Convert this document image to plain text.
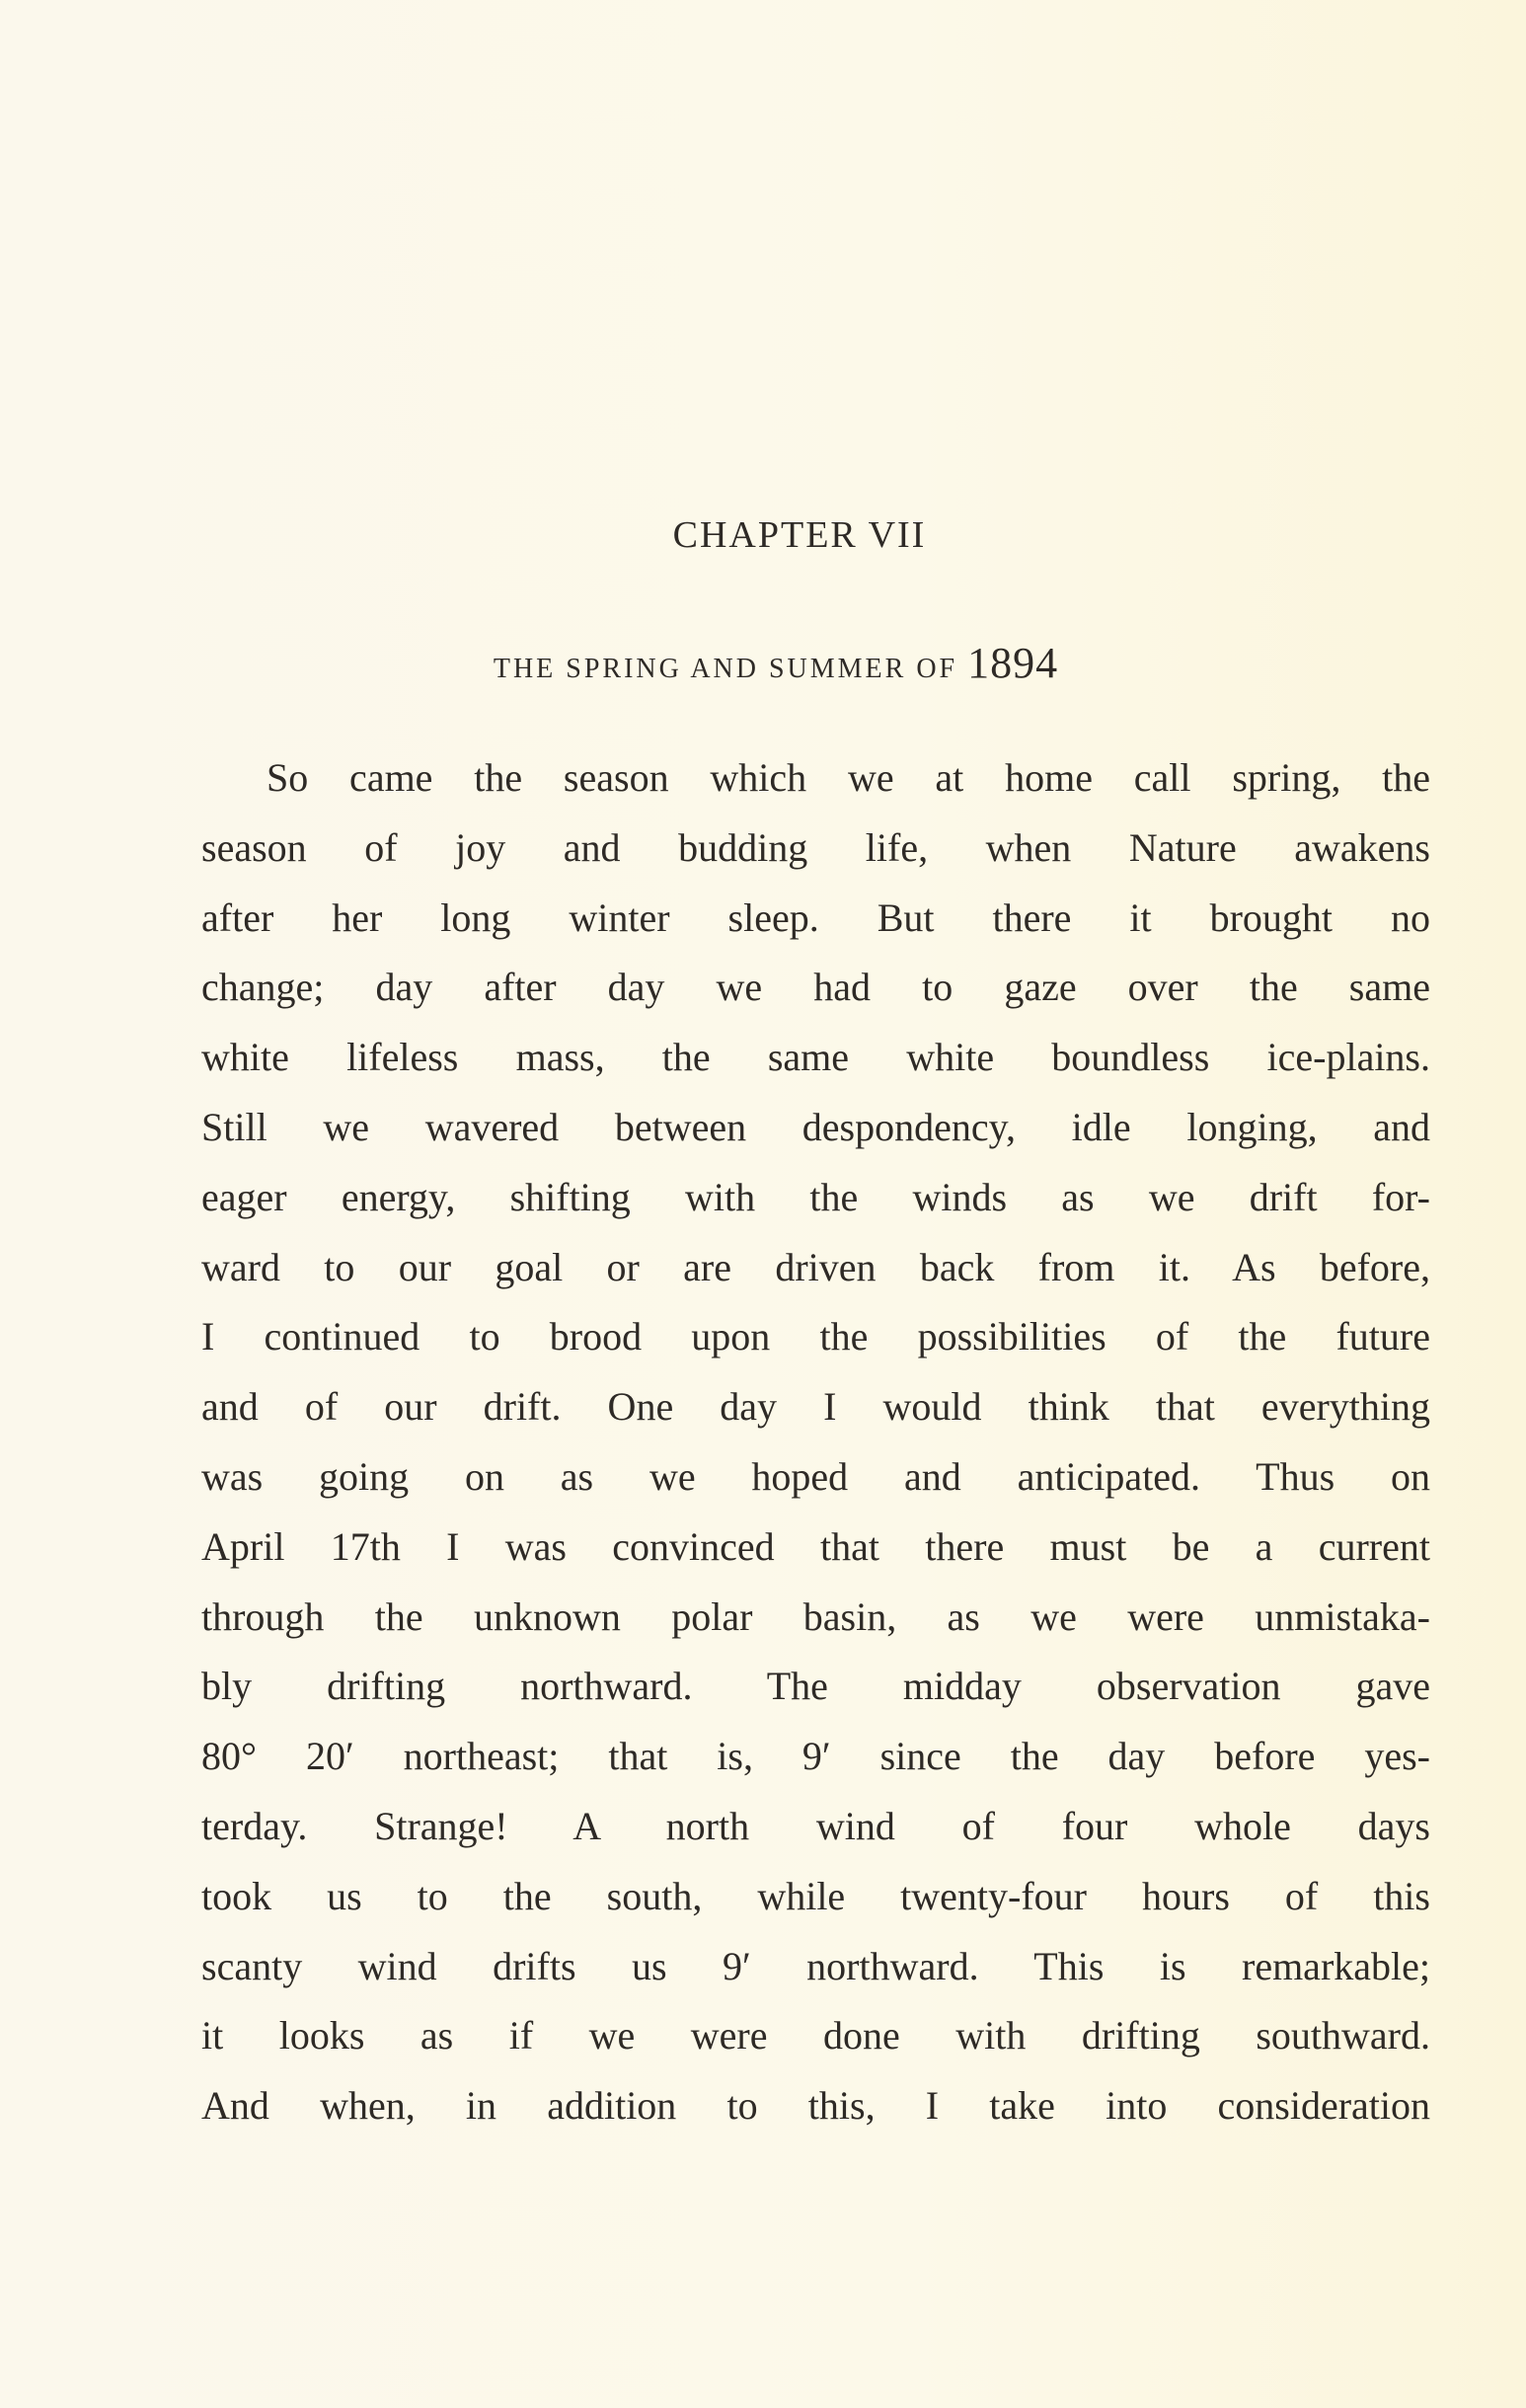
CHAPTER VII
THE SPRING AND SUMMER OF 1894
So came the season which we at home call spring, the
season of joy and budding life, when Nature awakens
after her long winter sleep. But there it brought no
change; day after day we had to gaze over the same
white lifeless mass, the same white boundless ice-plains.
Still we wavered between despondency, idle longing, and
eager energy, shifting with the winds as we drift for-
ward to our goal or are driven back from it. As before,
I continued to brood upon the possibilities of the future
and of our drift. One day I would think that everything
was going on as we hoped and anticipated. Thus on
April 17th I was convinced that there must be a current
through the unknown polar basin, as we were unmistaka-
bly drifting northward. The midday observation gave
80° 20′ northeast; that is, 9′ since the day before yes-
terday. Strange! A north wind of four whole days
took us to the south, while twenty-four hours of this
scanty wind drifts us 9′ northward. This is remarkable;
it looks as if we were done with drifting southward.
And when, in addition to this, I take into consideration
